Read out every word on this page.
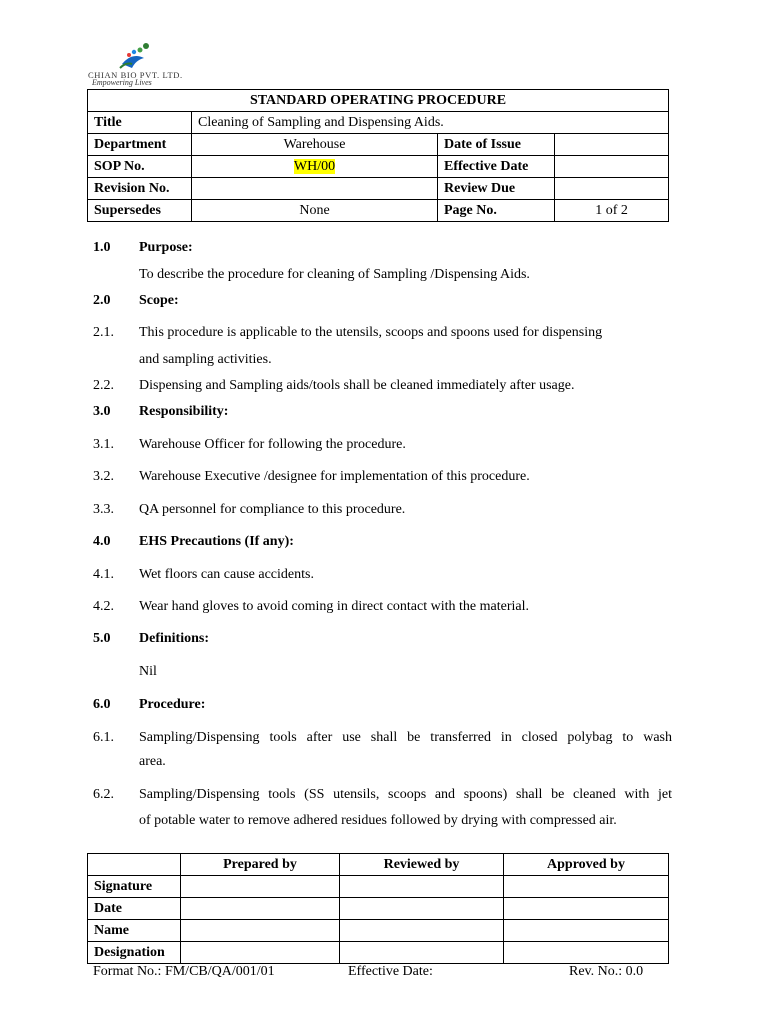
CHIAN BIO PVT. LTD.
Empowering Lives
STANDARD OPERATING PROCEDURE			
Title	Cleaning of Sampling and Dispensing Aids.		
Department	Warehouse	Date of Issue	
SOP No.	WH/00	Effective Date	
Revision No.		Review Due	
Supersedes	None	Page No.	1 of 2
1.0 Purpose:
To describe the procedure for cleaning of Sampling /Dispensing Aids.
2.0 Scope:
2.1. This procedure is applicable to the utensils, scoops and spoons used for dispensing
and sampling activities.
2.2. Dispensing and Sampling aids/tools shall be cleaned immediately after usage.
3.0 Responsibility:
3.1. Warehouse Officer for following the procedure.
3.2. Warehouse Executive /designee for implementation of this procedure.
3.3. QA personnel for compliance to this procedure.
4.0 EHS Precautions (If any):
4.1. Wet floors can cause accidents.
4.2. Wear hand gloves to avoid coming in direct contact with the material.
5.0 Definitions:
Nil
6.0 Procedure:
6.1. Sampling/Dispensing tools after use shall be transferred in closed polybag to wash
area.
6.2. Sampling/Dispensing tools (SS utensils, scoops and spoons) shall be cleaned with jet
of potable water to remove adhered residues followed by drying with compressed air.
	Prepared by	Reviewed by	Approved by
Signature			
Date			
Name			
Designation			
Format No.: FM/CB/QA/001/01	Effective Date:	Rev. No.: 0.0
